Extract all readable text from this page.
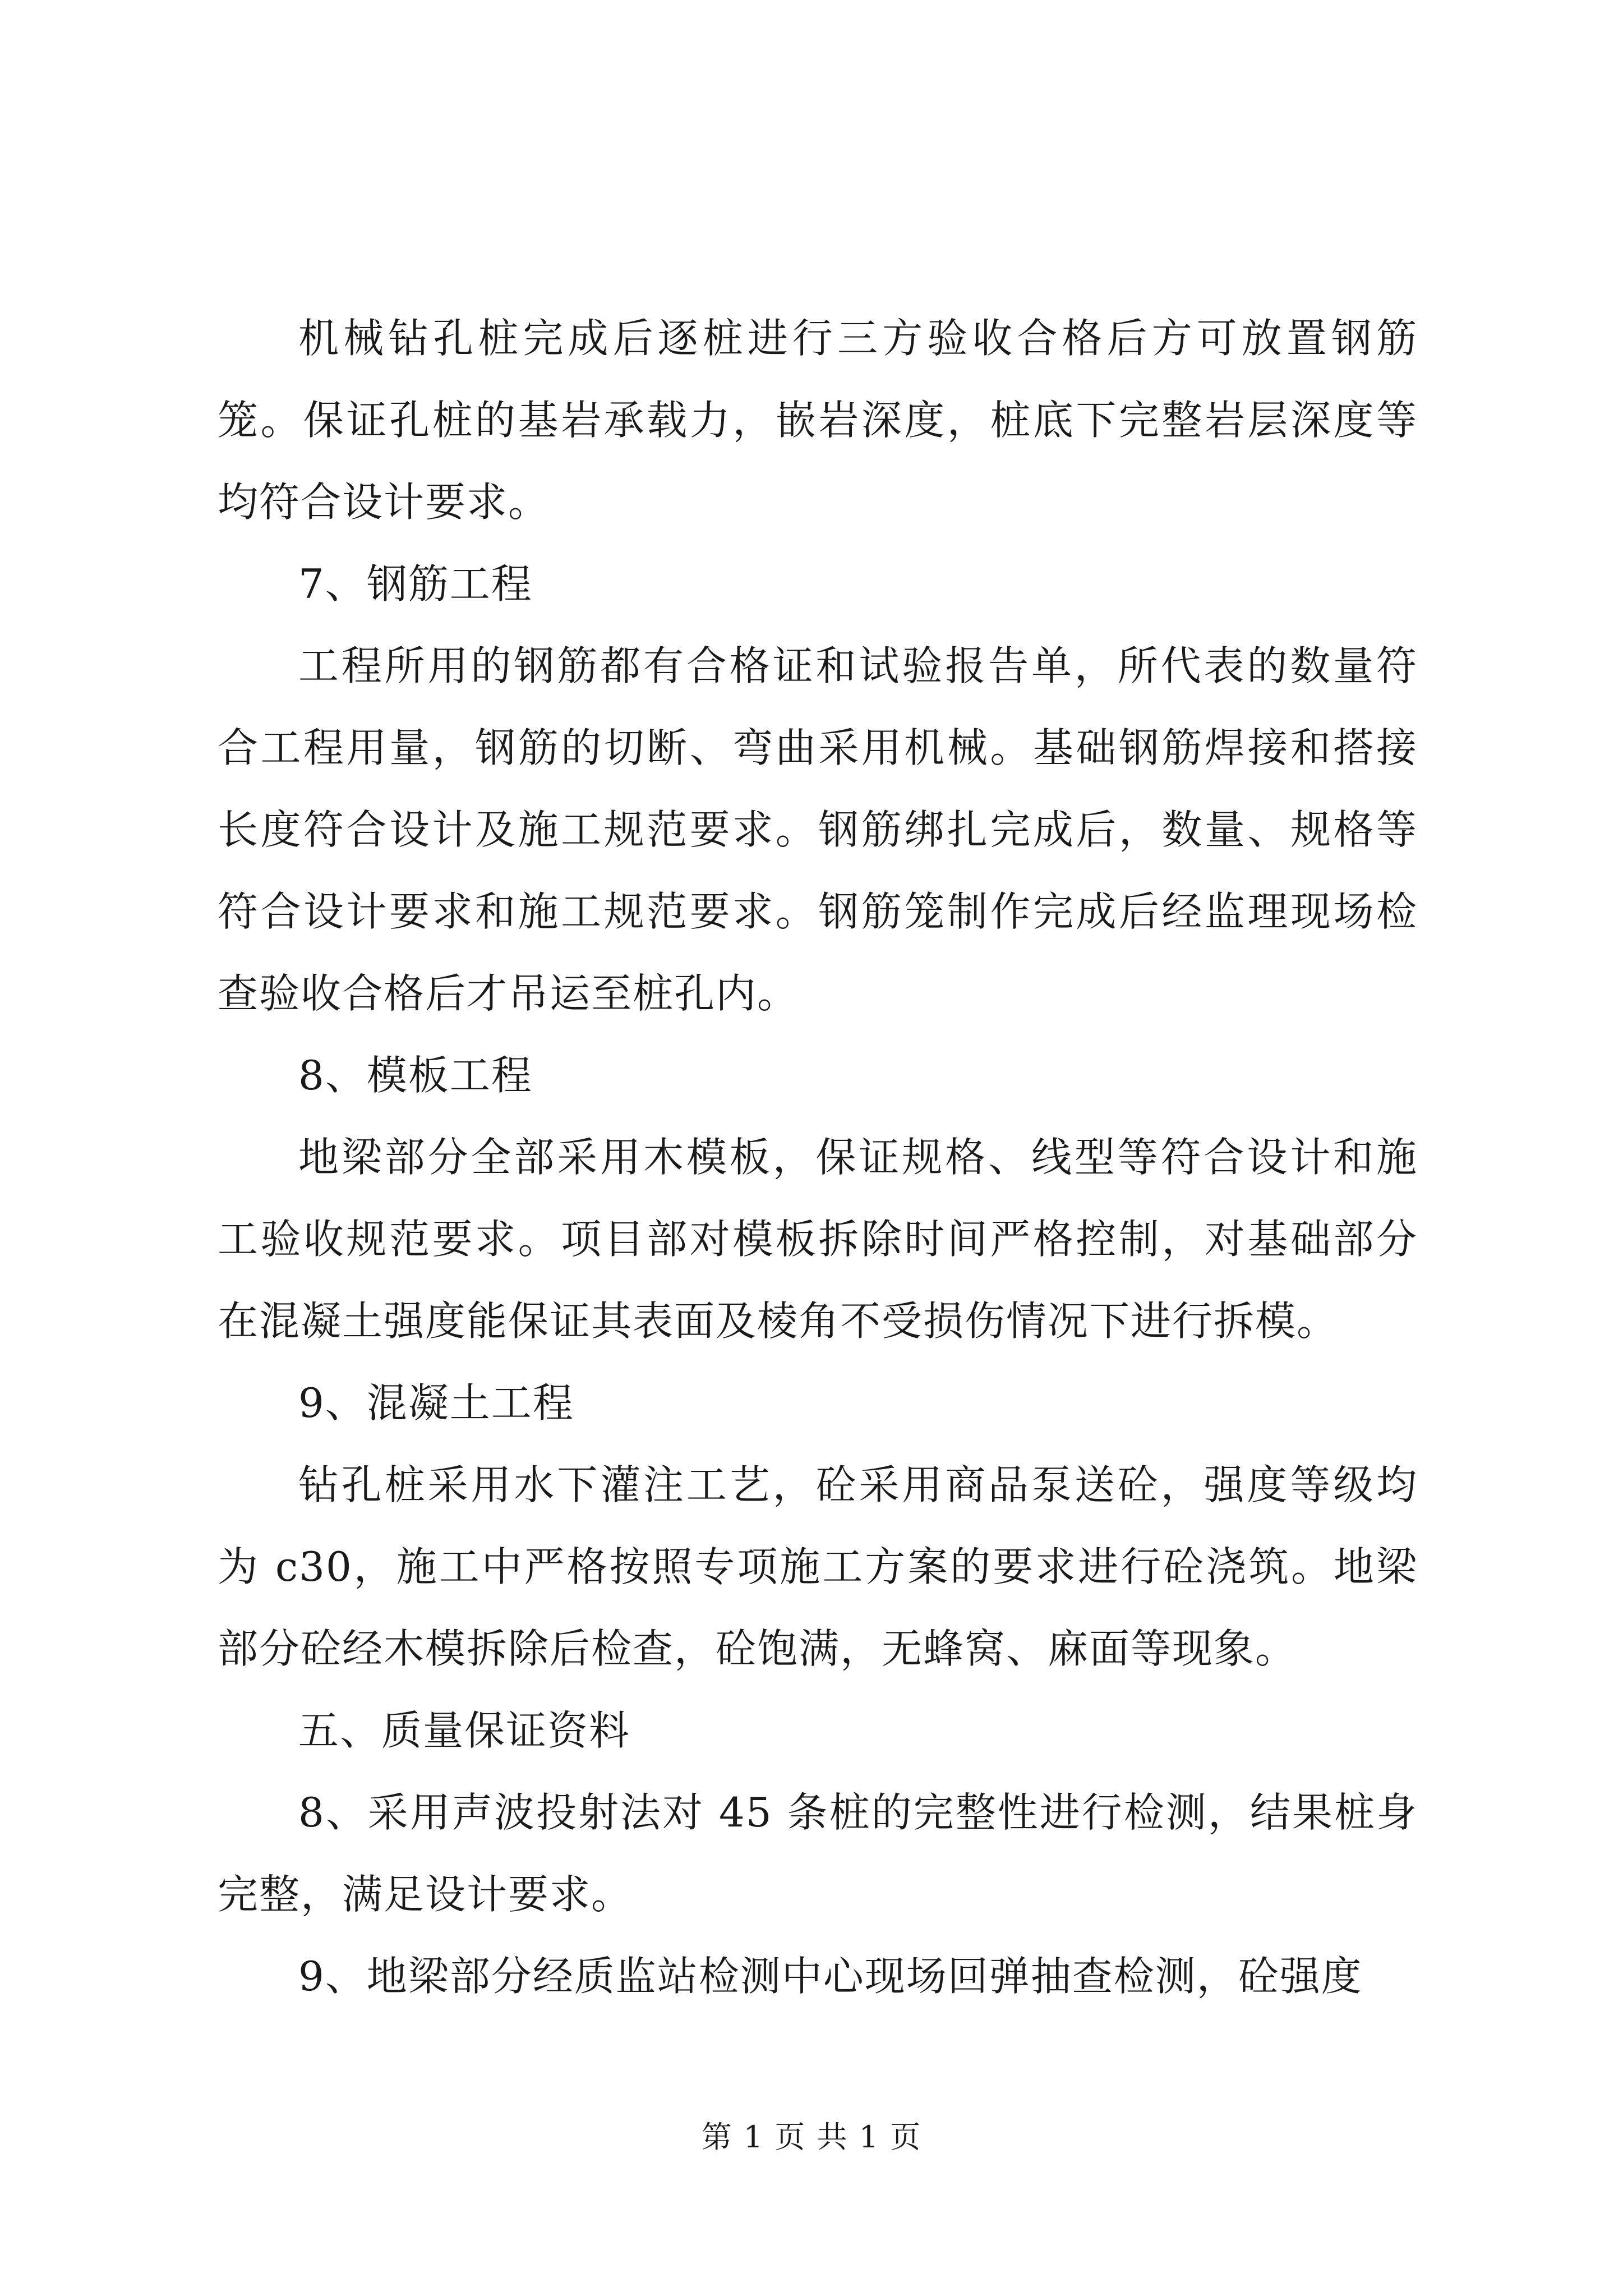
机械钻孔桩完成后逐桩进行三方验收合格后方可放置钢筋笼。保证孔桩的基岩承载力，嵌岩深度，桩底下完整岩层深度等均符合设计要求。

7、钢筋工程

工程所用的钢筋都有合格证和试验报告单，所代表的数量符合工程用量，钢筋的切断、弯曲采用机械。基础钢筋焊接和搭接长度符合设计及施工规范要求。钢筋绑扎完成后，数量、规格等符合设计要求和施工规范要求。钢筋笼制作完成后经监理现场检查验收合格后才吊运至桩孔内。

8、模板工程

地梁部分全部采用木模板，保证规格、线型等符合设计和施工验收规范要求。项目部对模板拆除时间严格控制，对基础部分在混凝土强度能保证其表面及棱角不受损伤情况下进行拆模。

9、混凝土工程

钻孔桩采用水下灌注工艺，砼采用商品泵送砼，强度等级均为 c30，施工中严格按照专项施工方案的要求进行砼浇筑。地梁部分砼经木模拆除后检查，砼饱满，无蜂窝、麻面等现象。

五、质量保证资料

8、采用声波投射法对 45 条桩的完整性进行检测，结果桩身完整，满足设计要求。

9、地梁部分经质监站检测中心现场回弹抽查检测，砼强度

第 1 页 共 1 页
